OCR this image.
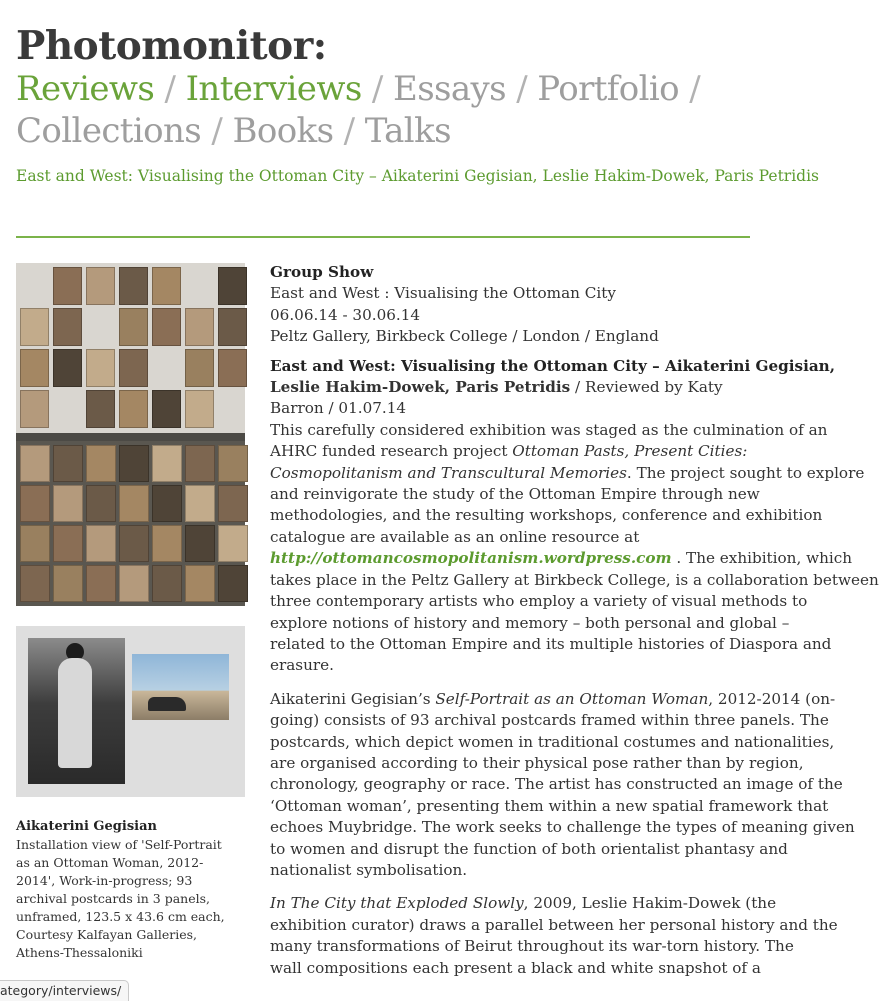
Photomonitor:
Reviews / Interviews / Essays / Portfolio /
Collections / Books / Talks
East and West: Visualising the Ottoman City – Aikaterini Gegisian, Leslie Hakim-Dowek, Paris Petridis
Aikaterini Gegisian
Installation view of 'Self-Portrait as an Ottoman Woman, 2012-2014', Work-in-progress; 93 archival postcards in 3 panels, unframed, 123.5 x 43.6 cm each, Courtesy Kalfayan Galleries, Athens-Thessaloniki
Group Show
East and West : Visualising the Ottoman City
06.06.14 - 30.06.14
Peltz Gallery, Birkbeck College / London / England
East and West: Visualising the Ottoman City – Aikaterini Gegisian,
Leslie Hakim-Dowek, Paris Petridis / Reviewed by Katy
Barron / 01.07.14
This carefully considered exhibition was staged as the culmination of an
AHRC funded research project Ottoman Pasts, Present Cities:
Cosmopolitanism and Transcultural Memories. The project sought to explore
and reinvigorate the study of the Ottoman Empire through new
methodologies, and the resulting workshops, conference and exhibition
catalogue are available as an online resource at
http://ottomancosmopolitanism.wordpress.com . The exhibition, which
takes place in the Peltz Gallery at Birkbeck College, is a collaboration between
three contemporary artists who employ a variety of visual methods to
explore notions of history and memory – both personal and global –
related to the Ottoman Empire and its multiple histories of Diaspora and
erasure.
Aikaterini Gegisian’s Self-Portrait as an Ottoman Woman, 2012-2014 (on-
going) consists of 93 archival postcards framed within three panels. The
postcards, which depict women in traditional costumes and nationalities,
are organised according to their physical pose rather than by region,
chronology, geography or race. The artist has constructed an image of the
‘Ottoman woman’, presenting them within a new spatial framework that
echoes Muybridge. The work seeks to challenge the types of meaning given
to women and disrupt the function of both orientalist phantasy and
nationalist symbolisation.
In The City that Exploded Slowly, 2009, Leslie Hakim-Dowek (the
exhibition curator) draws a parallel between her personal history and the
many transformations of Beirut throughout its war-torn history. The
wall compositions each present a black and white snapshot of a
ategory/interviews/
